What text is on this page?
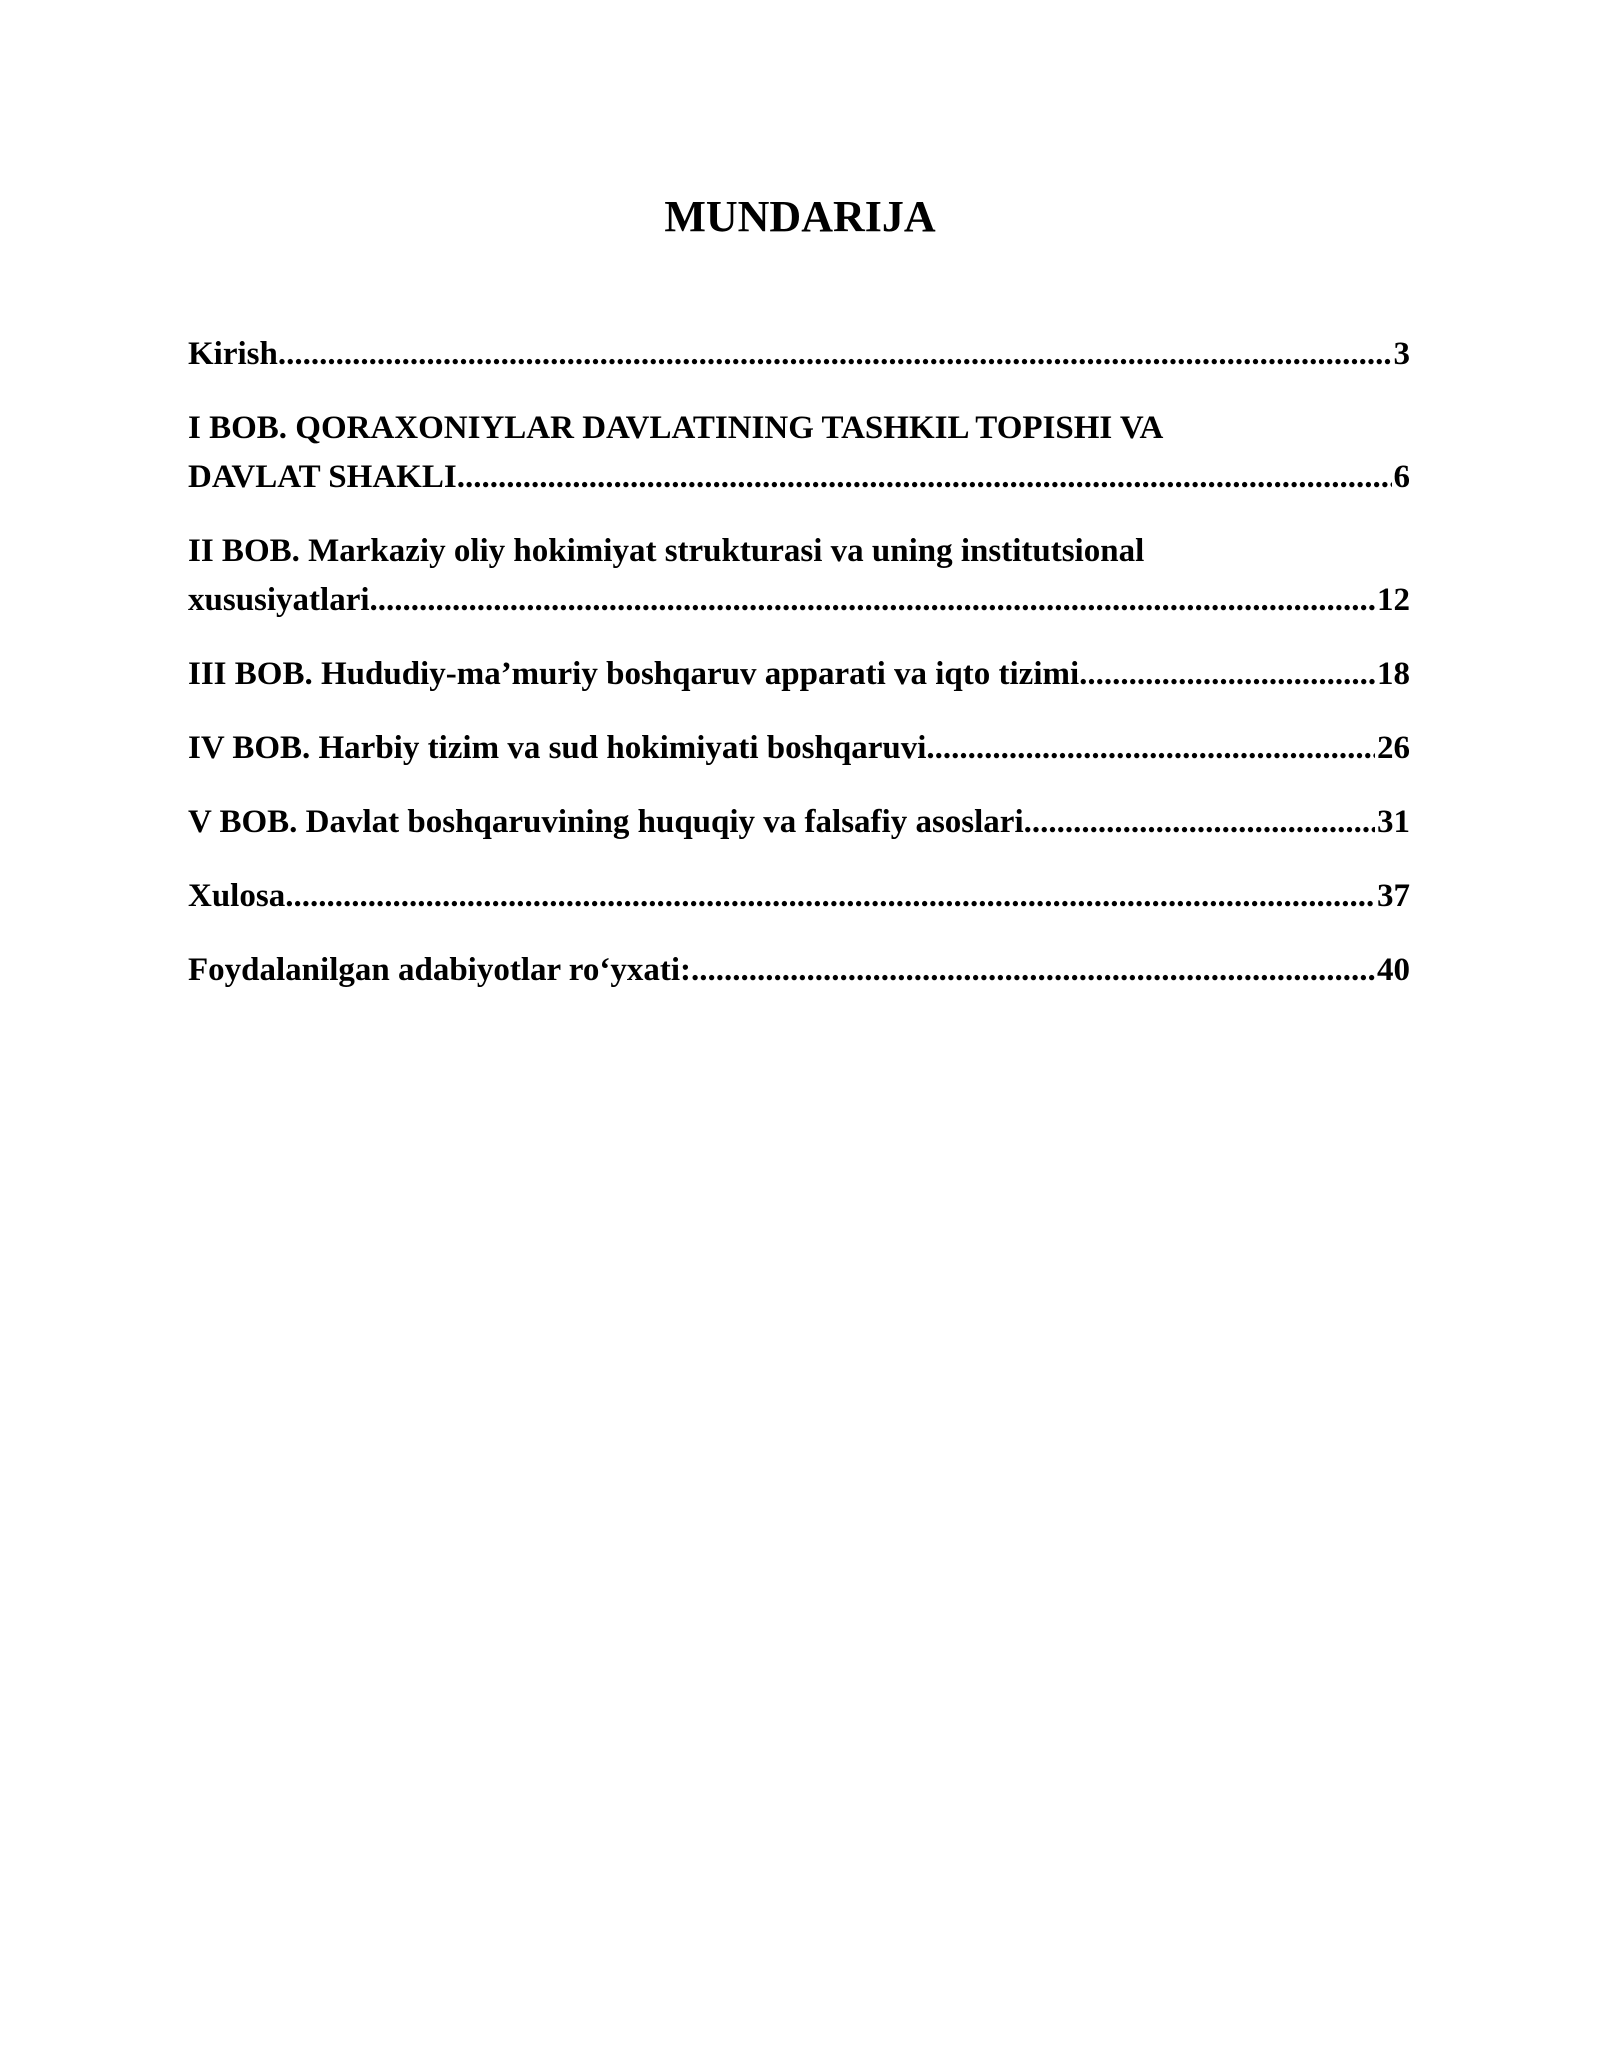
MUNDARIJA
Kirish .....	3
I BOB. QORAXONIYLAR DAVLATINING TASHKIL TOPISHI VA
DAVLAT SHAKLI .....	6
II BOB. Markaziy oliy hokimiyat strukturasi va uning institutsional
xususiyatlari .....	12
III BOB. Hududiy-ma’muriy boshqaruv apparati va iqto tizimi .....	18
IV BOB. Harbiy tizim va sud hokimiyati boshqaruvi .....	26
V BOB. Davlat boshqaruvining huquqiy va falsafiy asoslari .....	31
Xulosa .....	37
Foydalanilgan adabiyotlar ro‘yxati: .....	40
